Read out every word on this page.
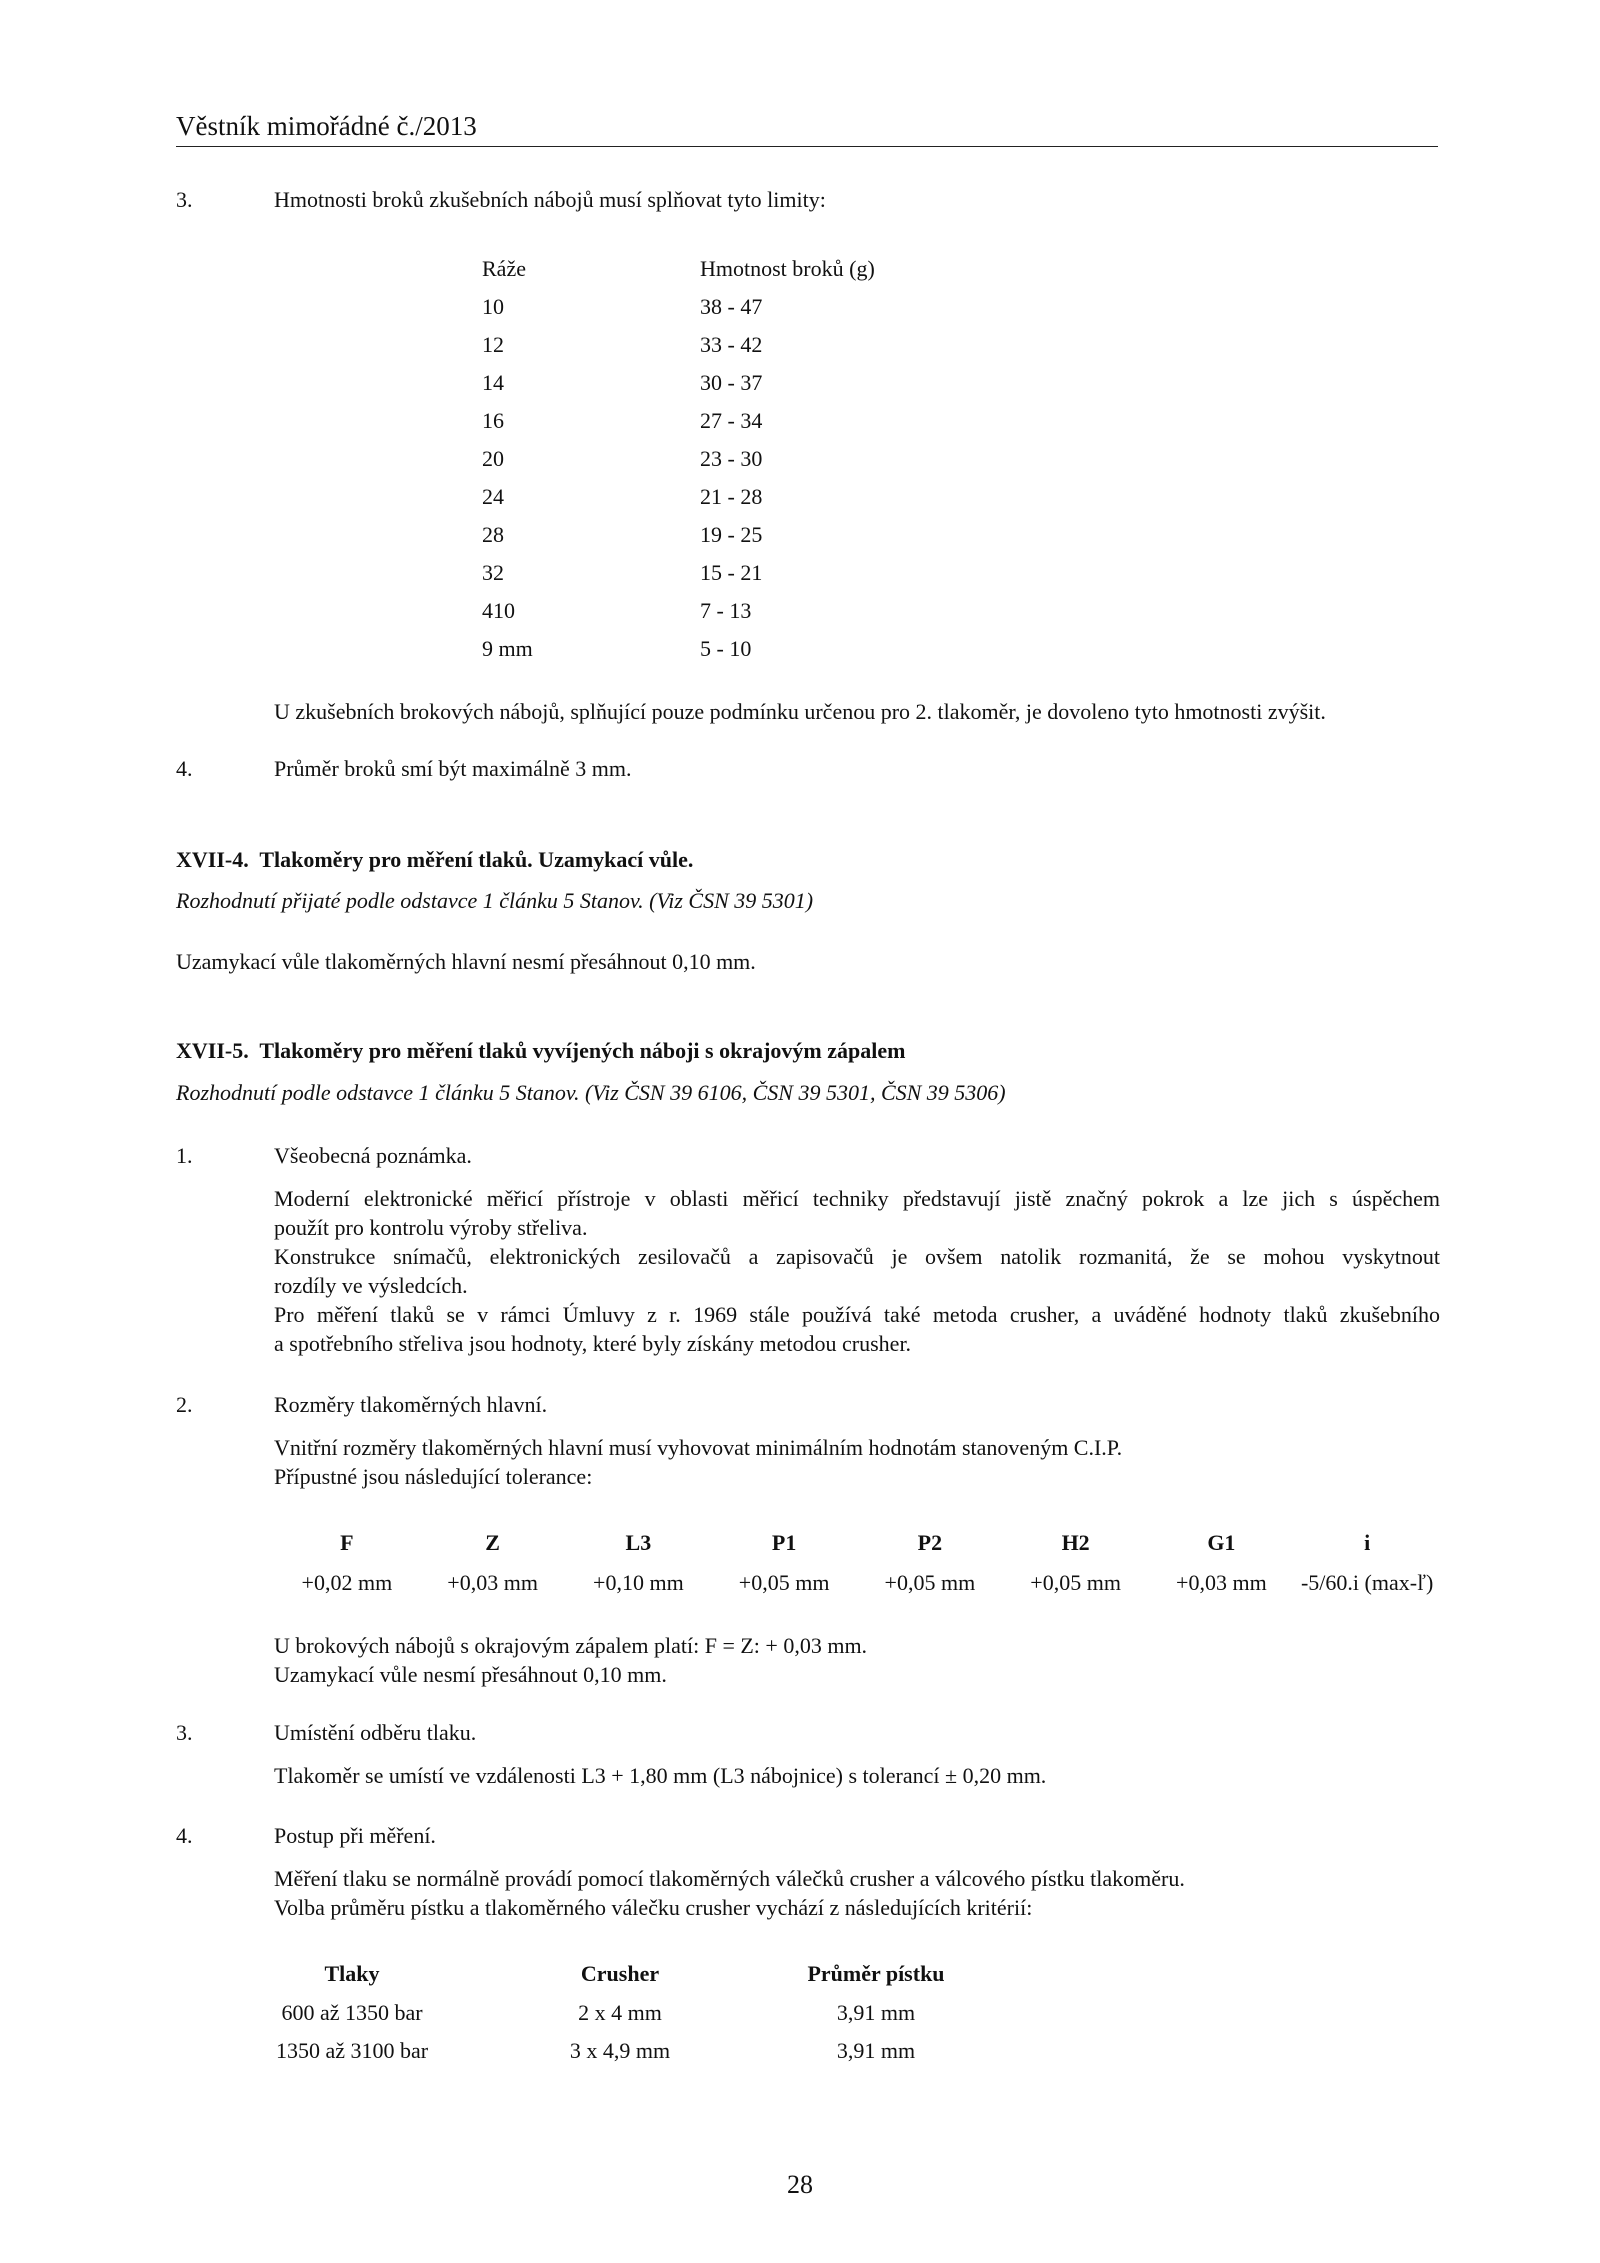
Věstník mimořádné č./2013
3.	Hmotnosti broků zkušebních nábojů musí splňovat tyto limity:
Ráže	Hmotnost broků (g)
10	38 - 47
12	33 - 42
14	30 - 37
16	27 - 34
20	23 - 30
24	21 - 28
28	19 - 25
32	15 - 21
410	7 - 13
9 mm	5 - 10
U zkušebních brokových nábojů, splňující pouze podmínku určenou pro 2. tlakoměr, je dovoleno tyto hmotnosti zvýšit.
4.	Průměr broků smí být maximálně 3 mm.
XVII-4.  Tlakoměry pro měření tlaků. Uzamykací vůle.
Rozhodnutí přijaté podle odstavce 1 článku 5 Stanov. (Viz ČSN 39 5301)
Uzamykací vůle tlakoměrných hlavní nesmí přesáhnout 0,10 mm.
XVII-5.  Tlakoměry pro měření tlaků vyvíjených náboji s okrajovým zápalem
Rozhodnutí podle odstavce 1 článku 5 Stanov. (Viz ČSN 39 6106, ČSN 39 5301, ČSN 39 5306)
1.	Všeobecná poznámka.
Moderní elektronické měřicí přístroje v oblasti měřicí techniky představují jistě značný pokrok a lze jich s úspěchem
použít pro kontrolu výroby střeliva.
Konstrukce snímačů, elektronických zesilovačů a zapisovačů je ovšem natolik rozmanitá, že se mohou vyskytnout
rozdíly ve výsledcích.
Pro měření tlaků se v rámci Úmluvy z r. 1969 stále používá také metoda crusher, a uváděné hodnoty tlaků zkušebního
a spotřebního střeliva jsou hodnoty, které byly získány metodou crusher.
2.	Rozměry tlakoměrných hlavní.
Vnitřní rozměry tlakoměrných hlavní musí vyhovovat minimálním hodnotám stanoveným C.I.P.
Přípustné jsou následující tolerance:
F	Z	L3	P1	P2	H2	G1	i
+0,02 mm	+0,03 mm	+0,10 mm	+0,05 mm	+0,05 mm	+0,05 mm	+0,03 mm	-5/60.i (max-ľ)
U brokových nábojů s okrajovým zápalem platí: F = Z: + 0,03 mm.
Uzamykací vůle nesmí přesáhnout 0,10 mm.
3.	Umístění odběru tlaku.
Tlakoměr se umístí ve vzdálenosti L3 + 1,80 mm (L3 nábojnice) s tolerancí ± 0,20 mm.
4.	Postup při měření.
Měření tlaku se normálně provádí pomocí tlakoměrných válečků crusher a válcového pístku tlakoměru.
Volba průměru pístku a tlakoměrného válečku crusher vychází z následujících kritérií:
Tlaky	Crusher	Průměr pístku
600 až 1350 bar	2 x 4 mm	3,91 mm
1350 až 3100 bar	3 x 4,9 mm	3,91 mm
28
